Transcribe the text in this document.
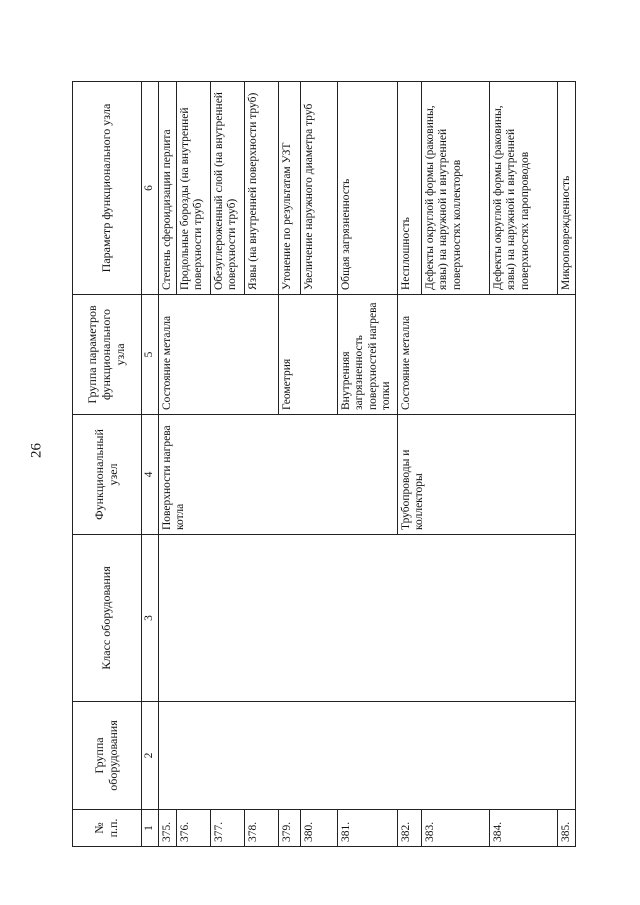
26
№ п.п.	Группа оборудования	Класс оборудования	Функциональный узел	Группа параметров функционального узла	Параметр функционального узла
1	2	3	4	5	6
375.			Поверхности нагрева котла	Состояние металла	Степень сфероидизации перлита
376.					Продольные борозды (на внутренней поверхности труб)
377.					Обезуглероженный слой (на внутренней поверхности труб)
378.					Язвы (на внутренней поверхности труб)
379.				Геометрия	Утонение по результатам УЗТ
380.					Увеличение наружного диаметра труб
381.				Внутренняя загрязненность поверхностей нагрева топки	Общая загрязненность
382.			Трубопроводы и коллекторы	Состояние металла	Несплошность
383.					Дефекты округлой формы (раковины, язвы) на наружной и внутренней поверхностях коллекторов
384.					Дефекты округлой формы (раковины, язвы) на наружной и внутренней поверхностях паропроводов
385.					Микроповрежденность
